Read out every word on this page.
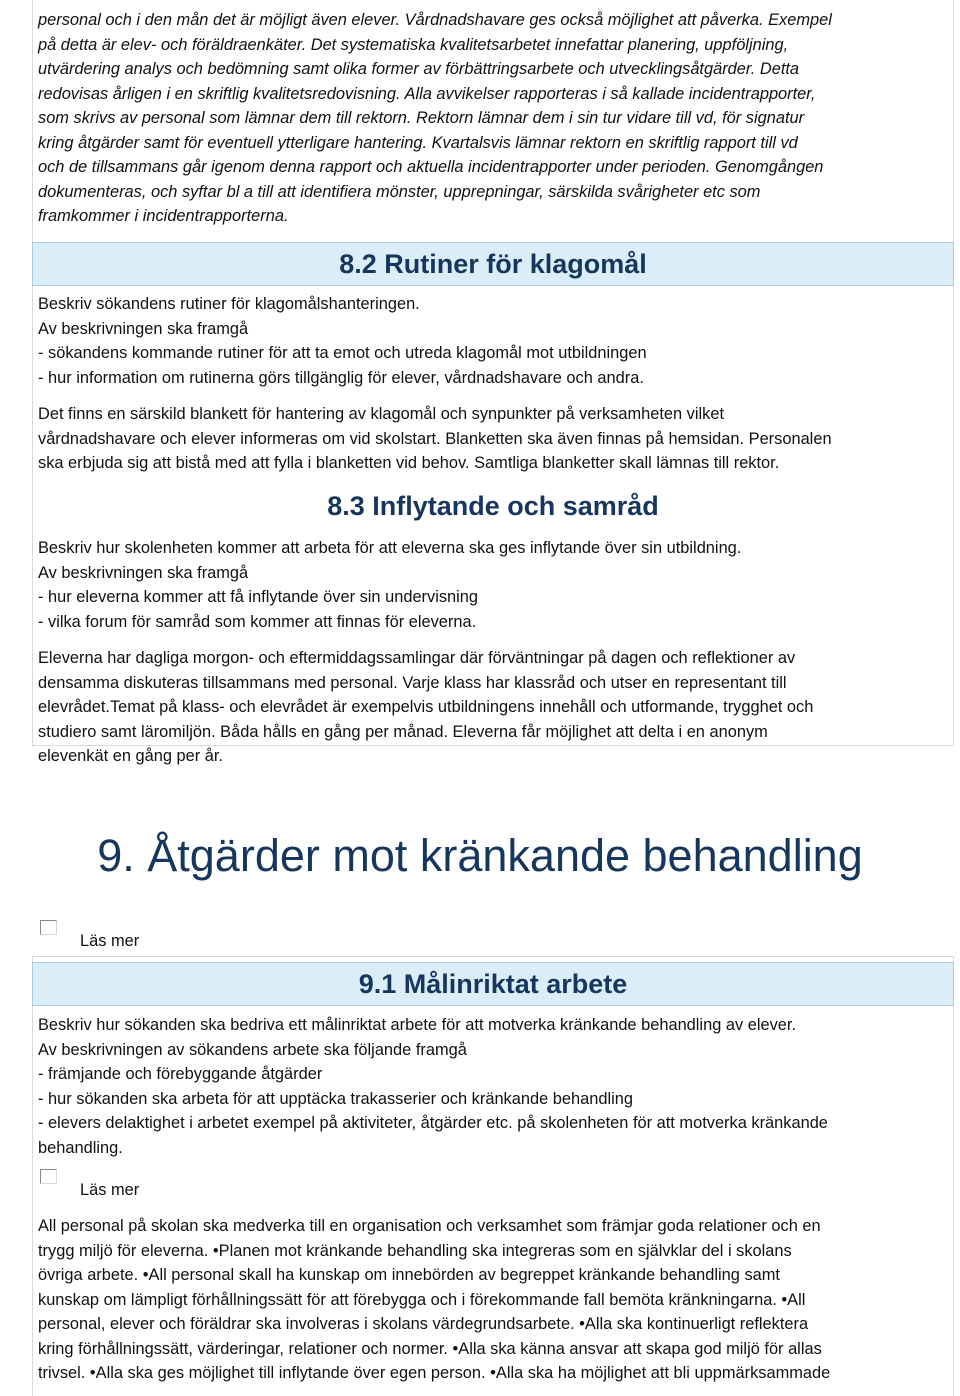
personal och i den mån det är möjligt även elever. Vårdnadshavare ges också möjlighet att påverka. Exempel
på detta är elev- och föräldraenkäter. Det systematiska kvalitetsarbetet innefattar planering, uppföljning,
utvärdering analys och bedömning samt olika former av förbättringsarbete och utvecklingsåtgärder. Detta
redovisas årligen i en skriftlig kvalitetsredovisning. Alla avvikelser rapporteras i så kallade incidentrapporter,
som skrivs av personal som lämnar dem till rektorn. Rektorn lämnar dem i sin tur vidare till vd, för signatur
kring åtgärder samt för eventuell ytterligare hantering. Kvartalsvis lämnar rektorn en skriftlig rapport till vd
och de tillsammans går igenom denna rapport och aktuella incidentrapporter under perioden. Genomgången
dokumenteras, och syftar bl a till att identifiera mönster, upprepningar, särskilda svårigheter etc som
framkommer i incidentrapporterna.

8.2 Rutiner för klagomål

Beskriv sökandens rutiner för klagomålshanteringen.
Av beskrivningen ska framgå
- sökandens kommande rutiner för att ta emot och utreda klagomål mot utbildningen
- hur information om rutinerna görs tillgänglig för elever, vårdnadshavare och andra.

Det finns en särskild blankett för hantering av klagomål och synpunkter på verksamheten vilket
vårdnadshavare och elever informeras om vid skolstart. Blanketten ska även finnas på hemsidan. Personalen
ska erbjuda sig att bistå med att fylla i blanketten vid behov. Samtliga blanketter skall lämnas till rektor.

8.3 Inflytande och samråd

Beskriv hur skolenheten kommer att arbeta för att eleverna ska ges inflytande över sin utbildning.
Av beskrivningen ska framgå
- hur eleverna kommer att få inflytande över sin undervisning
- vilka forum för samråd som kommer att finnas för eleverna.

Eleverna har dagliga morgon- och eftermiddagssamlingar där förväntningar på dagen och reflektioner av
densamma diskuteras tillsammans med personal. Varje klass har klassråd och utser en representant till
elevrådet.Temat på klass- och elevrådet är exempelvis utbildningens innehåll och utformande, trygghet och
studiero samt läromiljön. Båda hålls en gång per månad. Eleverna får möjlighet att delta i en anonym
elevenkät en gång per år.

9. Åtgärder mot kränkande behandling

Läs mer

9.1 Målinriktat arbete

Beskriv hur sökanden ska bedriva ett målinriktat arbete för att motverka kränkande behandling av elever.
Av beskrivningen av sökandens arbete ska följande framgå
- främjande och förebyggande åtgärder
- hur sökanden ska arbeta för att upptäcka trakasserier och kränkande behandling
- elevers delaktighet i arbetet exempel på aktiviteter, åtgärder etc. på skolenheten för att motverka kränkande
behandling.

Läs mer

All personal på skolan ska medverka till en organisation och verksamhet som främjar goda relationer och en
trygg miljö för eleverna. •Planen mot kränkande behandling ska integreras som en självklar del i skolans
övriga arbete. •All personal skall ha kunskap om innebörden av begreppet kränkande behandling samt
kunskap om lämpligt förhållningssätt för att förebygga och i förekommande fall bemöta kränkningarna. •All
personal, elever och föräldrar ska involveras i skolans värdegrundsarbete. •Alla ska kontinuerligt reflektera
kring förhållningssätt, värderingar, relationer och normer. •Alla ska känna ansvar att skapa god miljö för allas
trivsel. •Alla ska ges möjlighet till inflytande över egen person. •Alla ska ha möjlighet att bli uppmärksammade
